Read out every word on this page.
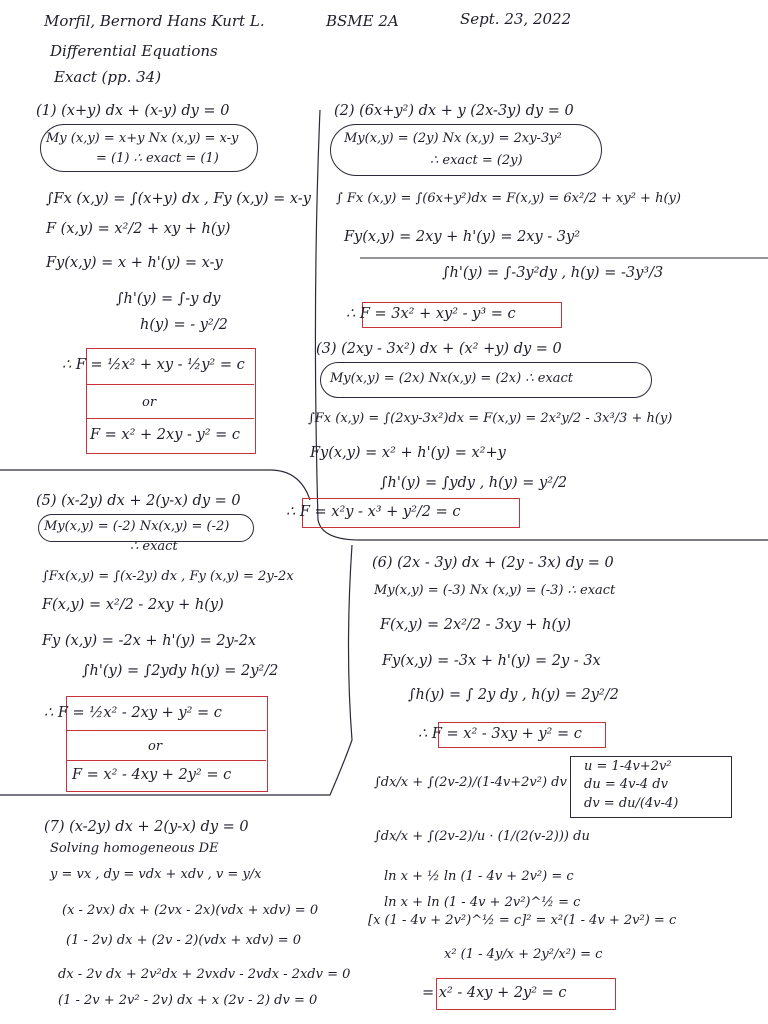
Morfil, Bernord Hans Kurt L.	BSME 2A	Sept. 23, 2022
Differential Equations
Exact (pp. 34)
(1) (x+y) dx + (x-y) dy = 0
My (x,y) = x+y Nx (x,y) = x-y
= (1) ∴ exact = (1)
∫Fx (x,y) = ∫(x+y) dx , Fy (x,y) = x-y
F (x,y) = x²/2 + xy + h(y)
Fy(x,y) = x + h'(y) = x-y
∫h'(y) = ∫-y dy
h(y) = - y²/2
∴ F = ½x² + xy - ½y² = c
or
F = x² + 2xy - y² = c
(2) (6x+y²) dx + y (2x-3y) dy = 0
My(x,y) = (2y) Nx (x,y) = 2xy-3y²
∴ exact = (2y)
∫ Fx (x,y) = ∫(6x+y²)dx = F(x,y) = 6x²/2 + xy² + h(y)
Fy(x,y) = 2xy + h'(y) = 2xy - 3y²
∫h'(y) = ∫-3y²dy , h(y) = -3y³/3
∴ F = 3x² + xy² - y³ = c
(3) (2xy - 3x²) dx + (x² +y) dy = 0
My(x,y) = (2x) Nx(x,y) = (2x) ∴ exact
∫Fx (x,y) = ∫(2xy-3x²)dx = F(x,y) = 2x²y/2 - 3x³/3 + h(y)
Fy(x,y) = x² + h'(y) = x²+y
∫h'(y) = ∫ydy , h(y) = y²/2
∴ F = x²y - x³ + y²/2 = c
(5) (x-2y) dx + 2(y-x) dy = 0
My(x,y) = (-2) Nx(x,y) = (-2)
∴ exact
∫Fx(x,y) = ∫(x-2y) dx , Fy (x,y) = 2y-2x
F(x,y) = x²/2 - 2xy + h(y)
Fy (x,y) = -2x + h'(y) = 2y-2x
∫h'(y) = ∫2ydy h(y) = 2y²/2
∴ F = ½x² - 2xy + y² = c
or
F = x² - 4xy + 2y² = c
(6) (2x - 3y) dx + (2y - 3x) dy = 0
My(x,y) = (-3) Nx (x,y) = (-3) ∴ exact
F(x,y) = 2x²/2 - 3xy + h(y)
Fy(x,y) = -3x + h'(y) = 2y - 3x
∫h(y) = ∫ 2y dy , h(y) = 2y²/2
∴ F = x² - 3xy + y² = c
(7) (x-2y) dx + 2(y-x) dy = 0
Solving homogeneous DE
y = vx , dy = vdx + xdv , v = y/x
(x - 2vx) dx + (2vx - 2x)(vdx + xdv) = 0
(1 - 2v) dx + (2v - 2)(vdx + xdv) = 0
dx - 2v dx + 2v²dx + 2vxdv - 2vdx - 2xdv = 0
(1 - 2v + 2v² - 2v) dx + x (2v - 2) dv = 0
∫dx/x + ∫(2v-2)/(1-4v+2v²) dv
u = 1-4v+2v²
du = 4v-4 dv
dv = du/(4v-4)
∫dx/x + ∫(2v-2)/u · (1/(2(v-2))) du
ln x + ½ ln (1 - 4v + 2v²) = c
ln x + ln (1 - 4v + 2v²)^½ = c
[x (1 - 4v + 2v²)^½ = c]² = x²(1 - 4v + 2v²) = c
x² (1 - 4y/x + 2y²/x²) = c
= x² - 4xy + 2y² = c
